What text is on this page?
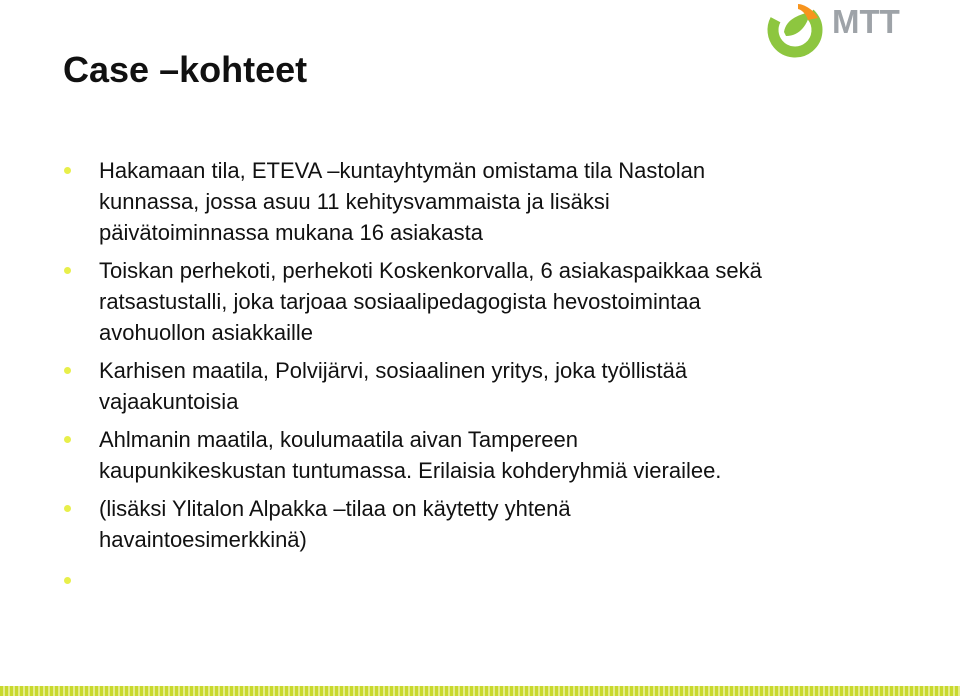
MTT
Case –kohteet
Hakamaan tila, ETEVA –kuntayhtymän omistama tila Nastolan
kunnassa, jossa asuu 11 kehitysvammaista ja lisäksi
päivätoiminnassa mukana 16 asiakasta
Toiskan perhekoti, perhekoti Koskenkorvalla, 6 asiakaspaikkaa sekä
ratsastustalli, joka tarjoaa sosiaalipedagogista hevostoimintaa
avohuollon asiakkaille
Karhisen maatila, Polvijärvi, sosiaalinen yritys, joka työllistää
vajaakuntoisia
Ahlmanin maatila, koulumaatila aivan Tampereen
kaupunkikeskustan tuntumassa. Erilaisia kohderyhmiä vierailee.
(lisäksi Ylitalon Alpakka –tilaa on käytetty yhtenä
havaintoesimerkkinä)
